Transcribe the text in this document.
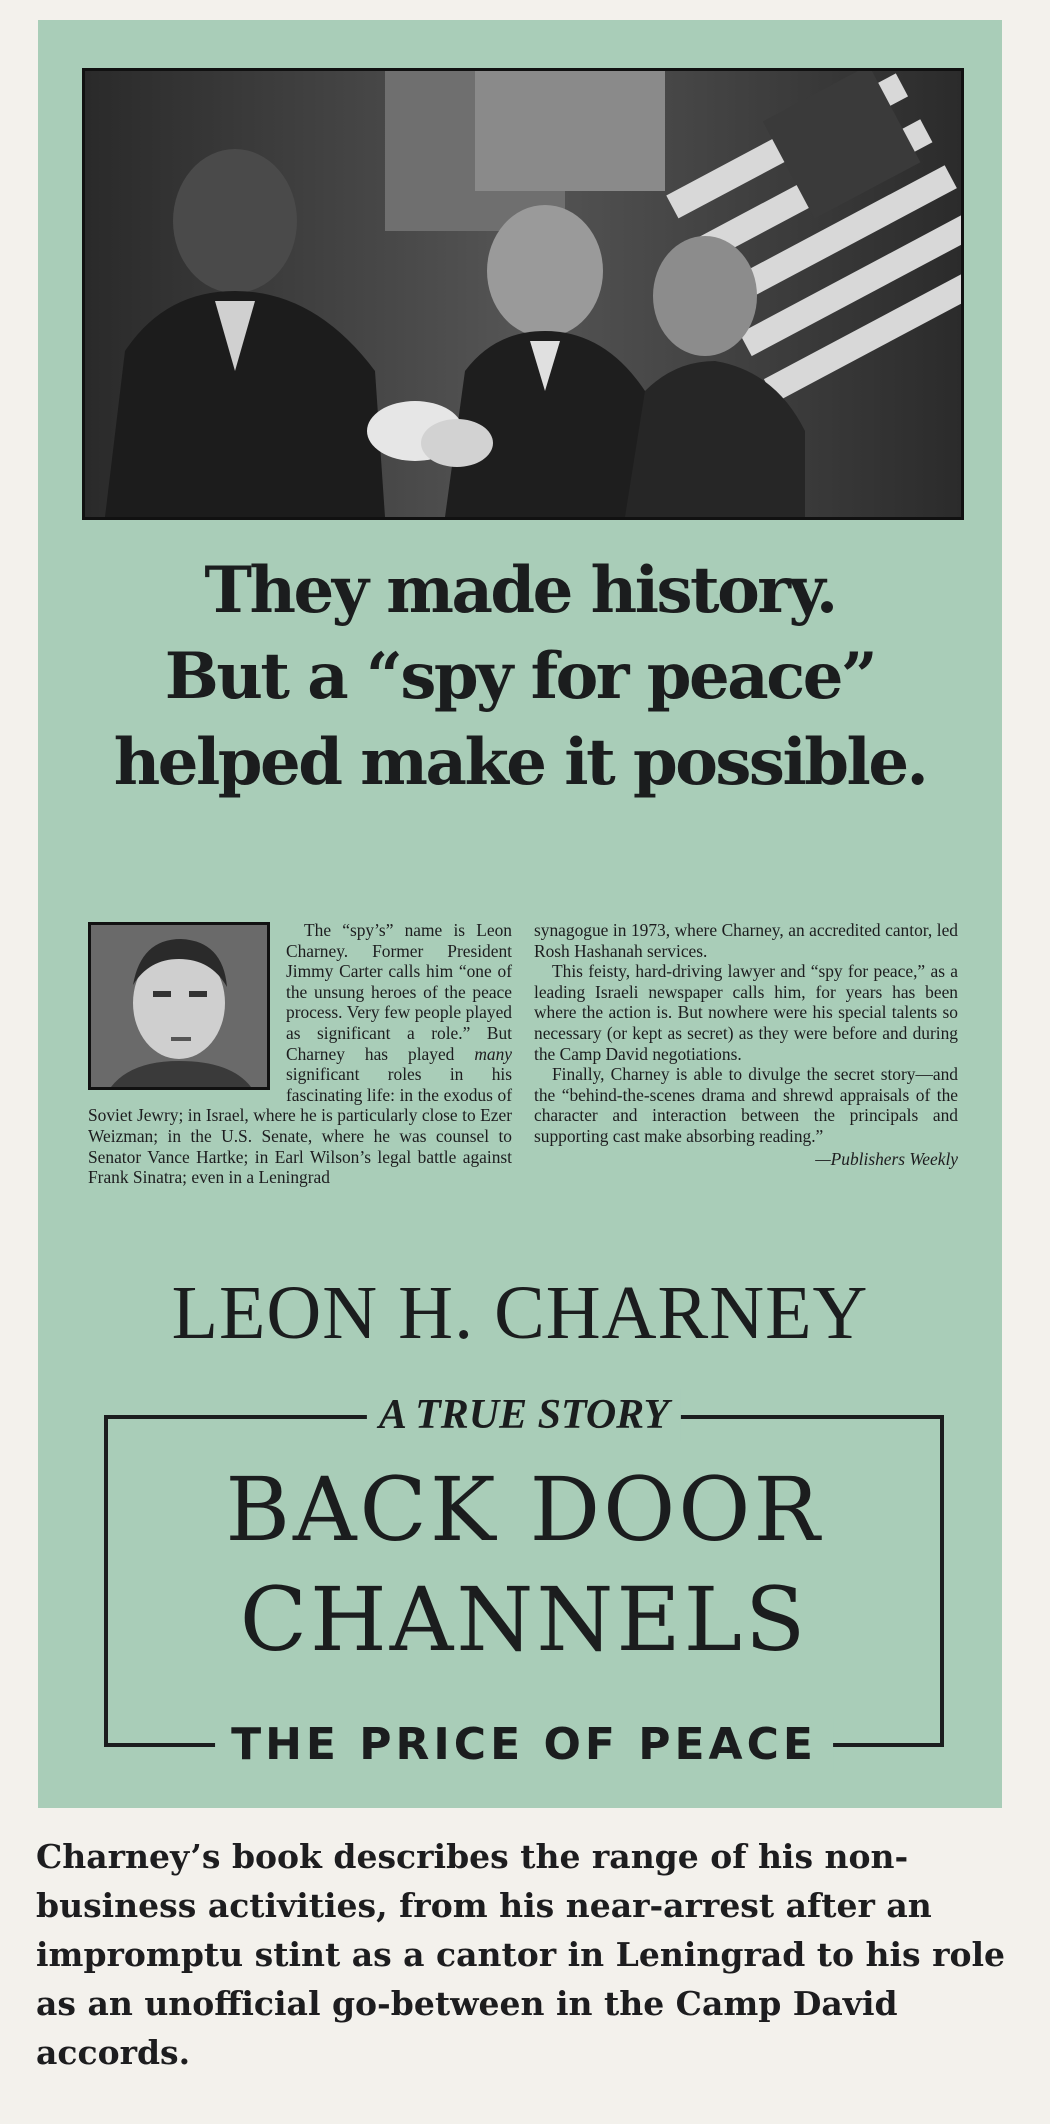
They made history.
But a “spy for peace”
helped make it possible.

The “spy’s” name is Leon Charney. Former President Jimmy Carter calls him “one of the unsung heroes of the peace process. Very few people played as significant a role.” But Charney has played many significant roles in his fascinating life: in the exodus of Soviet Jewry; in Israel, where he is particularly close to Ezer Weizman; in the U.S. Senate, where he was counsel to Senator Vance Hartke; in Earl Wilson’s legal battle against Frank Sinatra; even in a Leningrad

synagogue in 1973, where Charney, an accredited cantor, led Rosh Hashanah services.

This feisty, hard-driving lawyer and “spy for peace,” as a leading Israeli newspaper calls him, for years has been where the action is. But nowhere were his special talents so necessary (or kept as secret) as they were before and during the Camp David negotiations.

Finally, Charney is able to divulge the secret story—and the “behind-the-scenes drama and shrewd appraisals of the character and interaction between the principals and supporting cast make absorbing reading.”

—Publishers Weekly
LEON H. CHARNEY
A TRUE STORY
BACK DOOR
CHANNELS
THE PRICE OF PEACE
Charney’s book describes the range of his non-business activities, from his near-arrest after an impromptu stint as a cantor in Leningrad to his role as an unofficial go-between in the Camp David accords.
